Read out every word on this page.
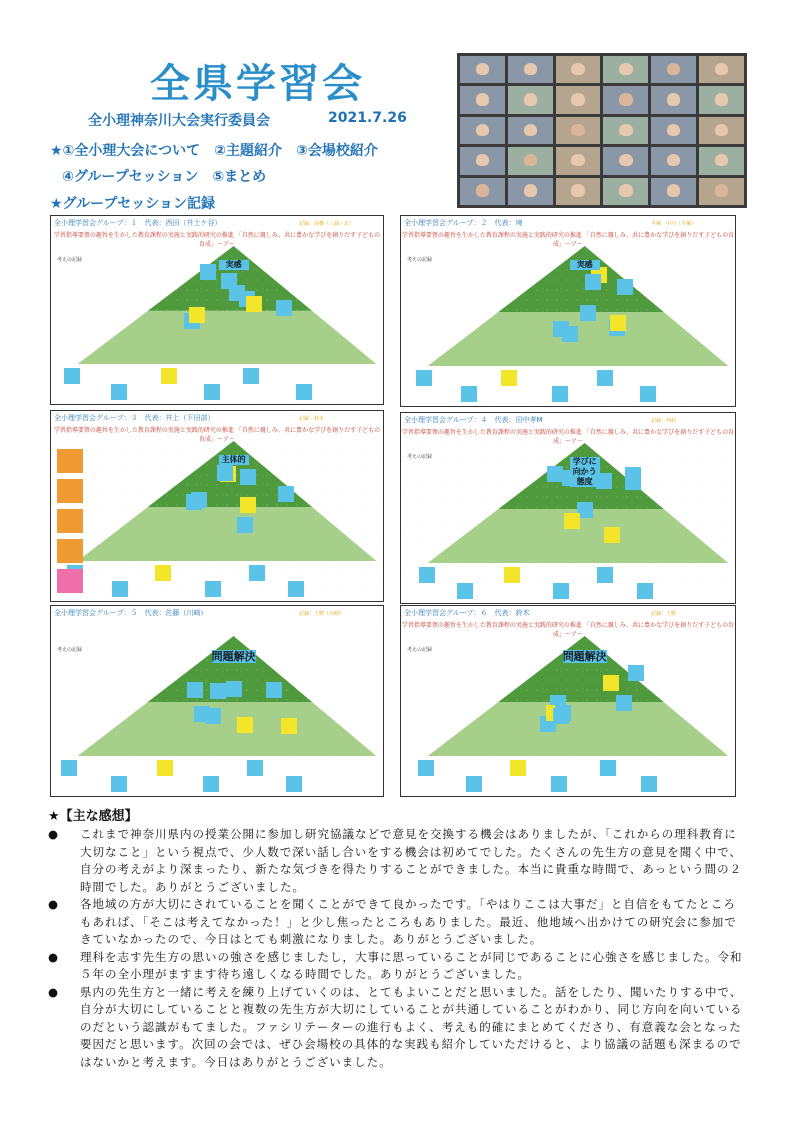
全県学習会
全小理神奈川大会実行委員会	2021.7.26
★①全小理大会について　②主題紹介　③会場校紹介
④グループセッション　⑤まとめ
★グループセッション記録
全小理学習会グループ：１　代表：西田（井土ケ谷）
学習指導要領の趣旨を生かした教育課程の実施と実践的研究の推進 「自然に親しみ、共に豊かな学びを創りだす子どもの育成」〜ア〜
記録：高橋（三浦・北）
考えの記録	実感
全小理学習会グループ：２　代表：境
学習指導要領の趣旨を生かした教育課程の実施と実践的研究の推進 「自然に親しみ、共に豊かな学びを創りだす子どもの育成」〜ア〜
平塚　中川（平塚）
考えの記録	実感
全小理学習会グループ：３　代表：井上（下田部）
学習指導要領の趣旨を生かした教育課程の実施と実践的研究の推進 「自然に親しみ、共に豊かな学びを創りだす子どもの育成」〜ア〜
記録：鈴木
主体的
全小理学習会グループ：４　代表：田中孝M
学習指導要領の趣旨を生かした教育課程の実施と実践的研究の推進 「自然に親しみ、共に豊かな学びを創りだす子どもの育成」〜ア〜
記録：西村
考えの記録	学びに向かう態度
全小理学習会グループ：５　代表：佐藤（川崎）	記録：上野（川崎）
考えの記録	問題解決
全小理学習会グループ：６　代表：鈴木
学習指導要領の趣旨を生かした教育課程の実施と実践的研究の推進 「自然に親しみ、共に豊かな学びを創りだす子どもの育成」〜ア〜
記録：上野
考えの記録	問題解決
★【主な感想】
● これまで神奈川県内の授業公開に参加し研究協議などで意見を交換する機会はありましたが、「これからの理科教育に大切なこと」という視点で、少人数で深い話し合いをする機会は初めてでした。たくさんの先生方の意見を聞く中で、自分の考えがより深まったり、新たな気づきを得たりすることができました。本当に貴重な時間で、あっという間の２時間でした。ありがとうございました。
● 各地域の方が大切にされていることを聞くことができて良かったです。「やはりここは大事だ」と自信をもてたところもあれば、「そこは考えてなかった！」と少し焦ったところもありました。最近、他地域へ出かけての研究会に参加できていなかったので、今日はとても刺激になりました。ありがとうございました。
● 理科を志す先生方の思いの強さを感じましたし，大事に思っていることが同じであることに心強さを感じました。令和５年の全小理がますます待ち遠しくなる時間でした。ありがとうございました。
● 県内の先生方と一緒に考えを練り上げていくのは、とてもよいことだと思いました。話をしたり、聞いたりする中で、自分が大切にしていることと複数の先生方が大切にしていることが共通していることがわかり、同じ方向を向いているのだという認識がもてました。ファシリテーターの進行もよく、考えも的確にまとめてくださり、有意義な会となった要因だと思います。次回の会では、ぜひ会場校の具体的な実践も紹介していただけると、より協議の話題も深まるのではないかと考えます。今日はありがとうございました。
